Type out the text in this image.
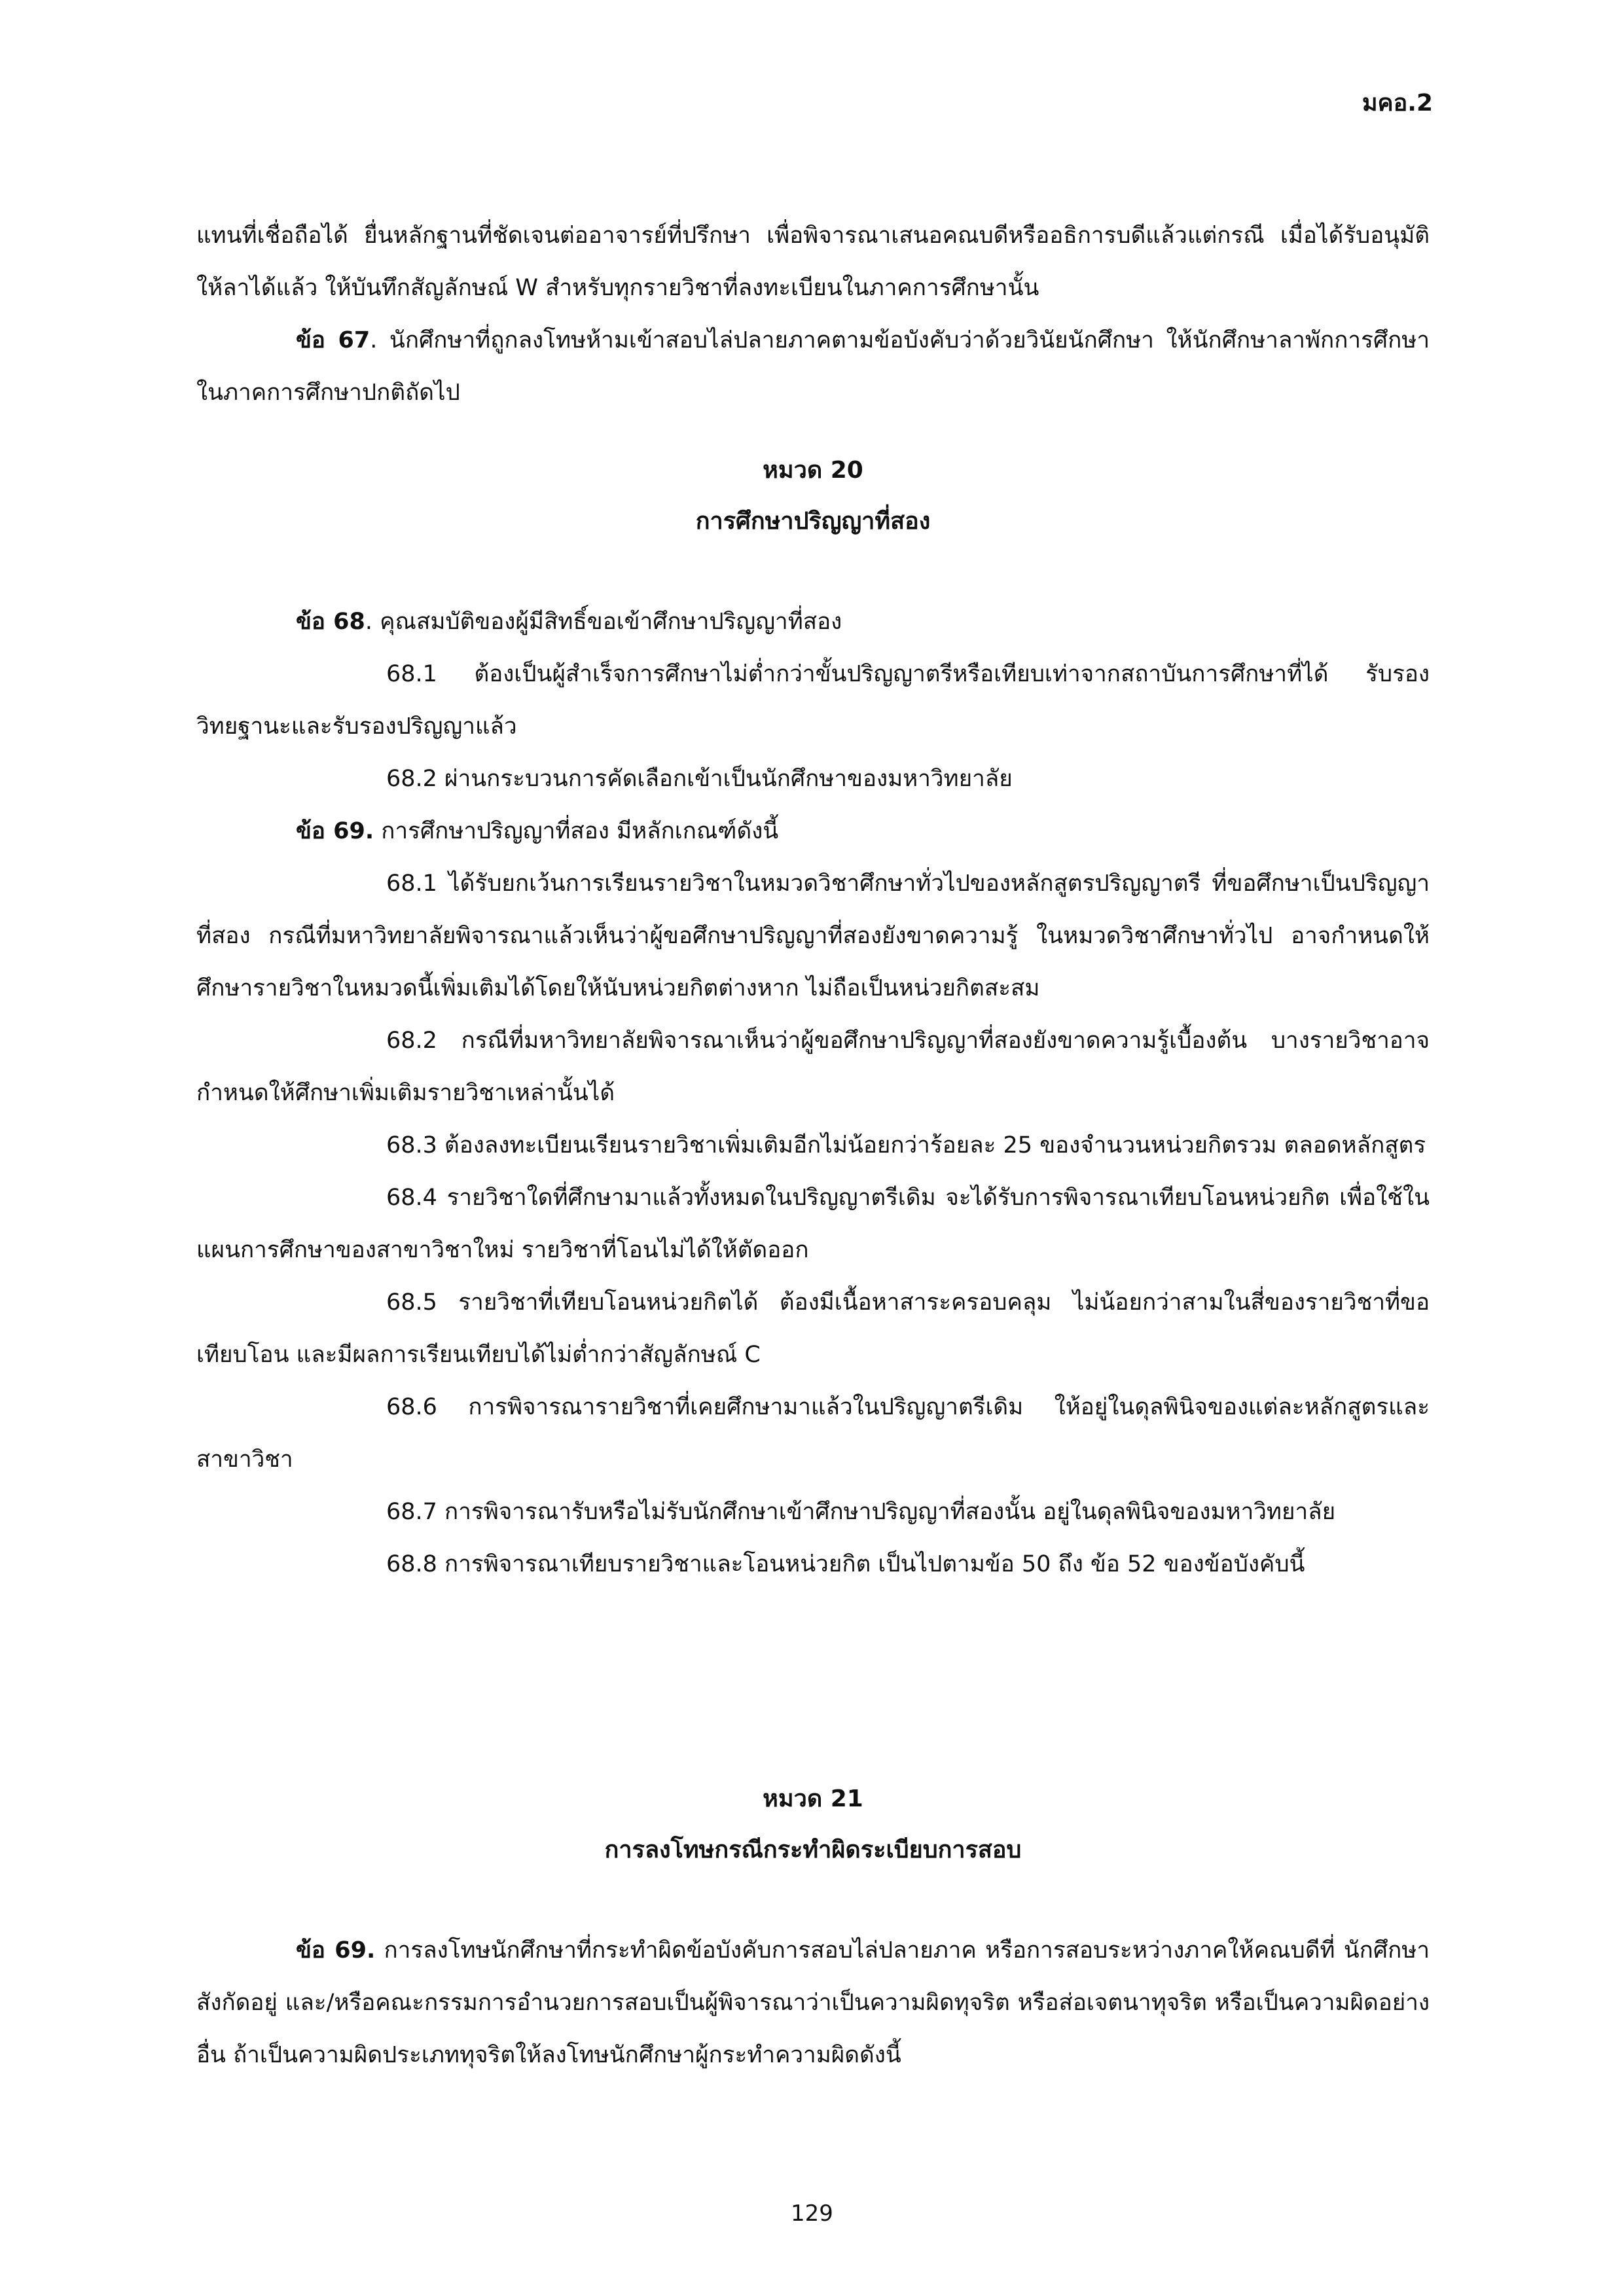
มคอ.2

แทนที่เชื่อถือได้ ยื่นหลักฐานที่ชัดเจนต่ออาจารย์ที่ปรึกษา เพื่อพิจารณาเสนอคณบดีหรืออธิการบดีแล้วแต่กรณี เมื่อได้รับอนุมัติให้ลาได้แล้ว ให้บันทึกสัญลักษณ์ W สำหรับทุกรายวิชาที่ลงทะเบียนในภาคการศึกษานั้น

ข้อ 67. นักศึกษาที่ถูกลงโทษห้ามเข้าสอบไล่ปลายภาคตามข้อบังคับว่าด้วยวินัยนักศึกษา ให้นักศึกษาลาพักการศึกษาในภาคการศึกษาปกติถัดไป

หมวด 20
การศึกษาปริญญาที่สอง

ข้อ 68. คุณสมบัติของผู้มีสิทธิ์ขอเข้าศึกษาปริญญาที่สอง

68.1 ต้องเป็นผู้สำเร็จการศึกษาไม่ต่ำกว่าขั้นปริญญาตรีหรือเทียบเท่าจากสถาบันการศึกษาที่ได้ รับรองวิทยฐานะและรับรองปริญญาแล้ว

68.2 ผ่านกระบวนการคัดเลือกเข้าเป็นนักศึกษาของมหาวิทยาลัย

ข้อ 69. การศึกษาปริญญาที่สอง มีหลักเกณฑ์ดังนี้

68.1 ได้รับยกเว้นการเรียนรายวิชาในหมวดวิชาศึกษาทั่วไปของหลักสูตรปริญญาตรี ที่ขอศึกษาเป็นปริญญาที่สอง กรณีที่มหาวิทยาลัยพิจารณาแล้วเห็นว่าผู้ขอศึกษาปริญญาที่สองยังขาดความรู้ ในหมวดวิชาศึกษาทั่วไป อาจกำหนดให้ศึกษารายวิชาในหมวดนี้เพิ่มเติมได้โดยให้นับหน่วยกิตต่างหาก ไม่ถือเป็นหน่วยกิตสะสม

68.2 กรณีที่มหาวิทยาลัยพิจารณาเห็นว่าผู้ขอศึกษาปริญญาที่สองยังขาดความรู้เบื้องต้น บางรายวิชาอาจกำหนดให้ศึกษาเพิ่มเติมรายวิชาเหล่านั้นได้

68.3 ต้องลงทะเบียนเรียนรายวิชาเพิ่มเติมอีกไม่น้อยกว่าร้อยละ 25 ของจำนวนหน่วยกิตรวม ตลอดหลักสูตร

68.4 รายวิชาใดที่ศึกษามาแล้วทั้งหมดในปริญญาตรีเดิม จะได้รับการพิจารณาเทียบโอนหน่วยกิต เพื่อใช้ในแผนการศึกษาของสาขาวิชาใหม่ รายวิชาที่โอนไม่ได้ให้ตัดออก

68.5 รายวิชาที่เทียบโอนหน่วยกิตได้ ต้องมีเนื้อหาสาระครอบคลุม ไม่น้อยกว่าสามในสี่ของรายวิชาที่ขอเทียบโอน และมีผลการเรียนเทียบได้ไม่ต่ำกว่าสัญลักษณ์ C

68.6 การพิจารณารายวิชาที่เคยศึกษามาแล้วในปริญญาตรีเดิม ให้อยู่ในดุลพินิจของแต่ละหลักสูตรและสาขาวิชา

68.7 การพิจารณารับหรือไม่รับนักศึกษาเข้าศึกษาปริญญาที่สองนั้น อยู่ในดุลพินิจของมหาวิทยาลัย

68.8 การพิจารณาเทียบรายวิชาและโอนหน่วยกิต เป็นไปตามข้อ 50 ถึง ข้อ 52 ของข้อบังคับนี้

หมวด 21
การลงโทษกรณีกระทำผิดระเบียบการสอบ

ข้อ 69. การลงโทษนักศึกษาที่กระทำผิดข้อบังคับการสอบไล่ปลายภาค หรือการสอบระหว่างภาคให้คณบดีที่ นักศึกษาสังกัดอยู่ และ/หรือคณะกรรมการอำนวยการสอบเป็นผู้พิจารณาว่าเป็นความผิดทุจริต หรือส่อเจตนาทุจริต หรือเป็นความผิดอย่างอื่น ถ้าเป็นความผิดประเภททุจริตให้ลงโทษนักศึกษาผู้กระทำความผิดดังนี้

129
